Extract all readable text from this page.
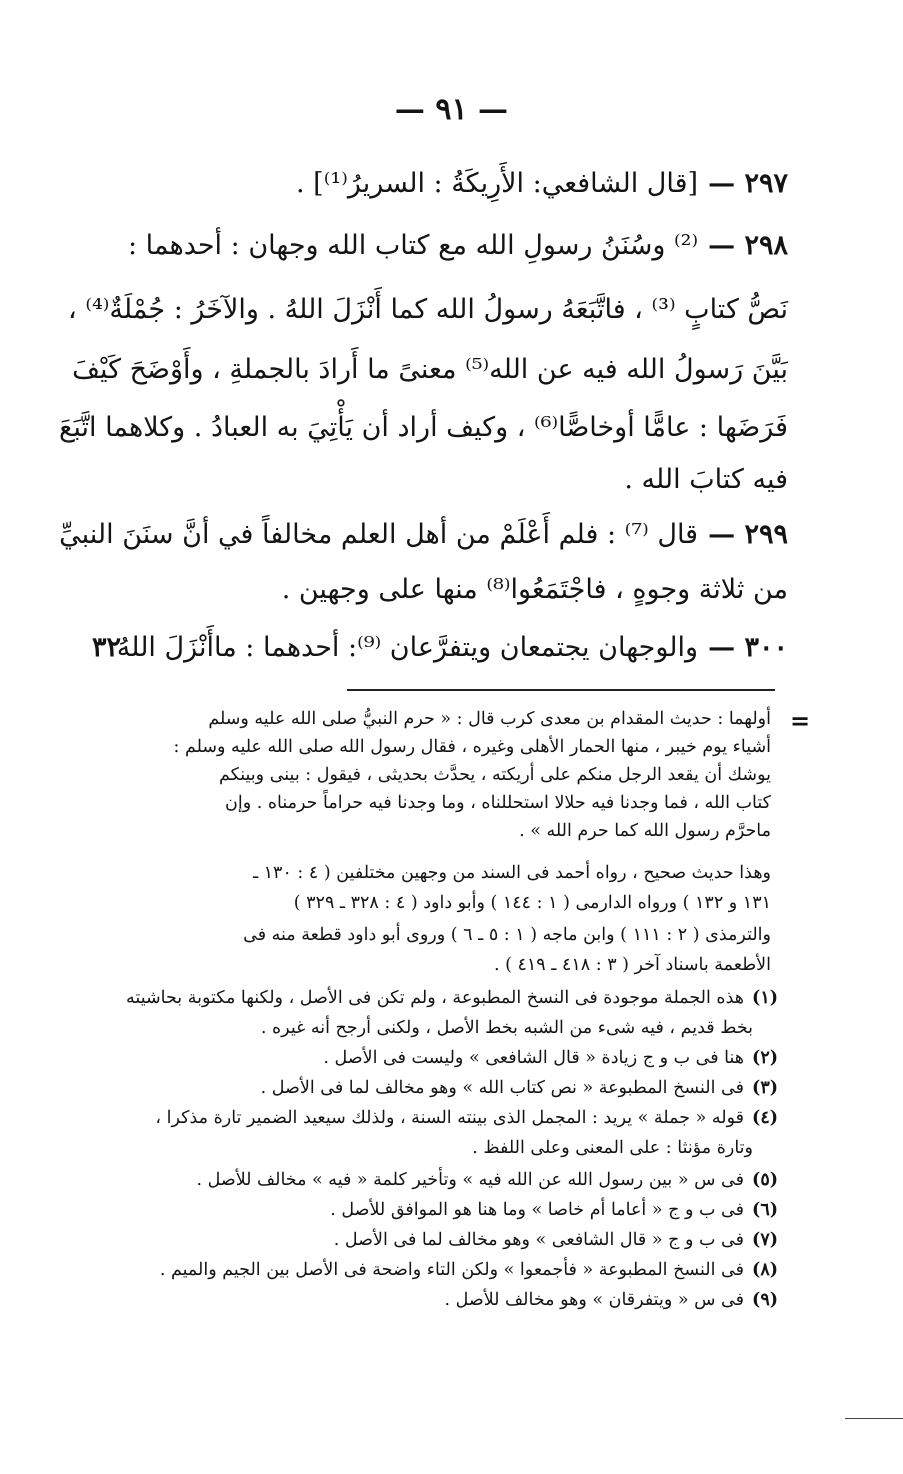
— ٩١ —
٢٩٧ —[قال الشافعي: الأَرِيكَةُ : السريرُ⁽¹⁾] .
٢٩٨ —⁽²⁾ وسُنَنُ رسولِ الله مع كتاب الله وجهان : أحدهما :
نَصُّ كتابٍ ⁽³⁾ ، فاتَّبَعَهُ رسولُ الله كما أَنْزَلَ اللهُ . والآخَرُ : جُمْلَةٌ⁽⁴⁾ ،
بَيَّنَ رَسولُ الله فيه عن الله⁽⁵⁾ معنىً ما أَرادَ بالجملةِ ، وأَوْضَحَ كَيْفَ
فَرَضَها : عامًّا أوخاصًّا⁽⁶⁾ ، وكيف أراد أن يَأْتِيَ به العبادُ . وكلاهما اتَّبَعَ
فيه كتابَ الله .
٢٩٩ —قال ⁽⁷⁾ : فلم أَعْلَمْ من أهل العلم مخالفاً في أنَّ سنَنَ النبيِّ
من ثلاثة وجوهٍ ، فاجْتَمَعُوا⁽⁸⁾ منها على وجهين .
٣٠٠ —والوجهان يجتمعان ويتفرَّعان ⁽⁹⁾: أحدهما : ماأَنْزَلَ اللهُ
٣٢
=
أولهما : حديث المقدام بن معدى كرب قال : « حرم النبيُّ صلى الله عليه وسلم
أشياء يوم خيبر ، منها الحمار الأهلى وغيره ، فقال رسول الله صلى الله عليه وسلم :
يوشك أن يقعد الرجل منكم على أريكته ، يحدَّث بحديثى ، فيقول : بينى وبينكم
كتاب الله ، فما وجدنا فيه حلالا استحللناه ، وما وجدنا فيه حراماً حرمناه . وإن
ماحرَّم رسول الله كما حرم الله » .
وهذا حديث صحيح ، رواه أحمد فى السند من وجهين مختلفين ( ٤ : ١٣٠ ـ
١٣١ و ١٣٢ ) ورواه الدارمى ( ١ : ١٤٤ ) وأبو داود ( ٤ : ٣٢٨ ـ ٣٢٩ )
والترمذى ( ٢ : ١١١ ) وابن ماجه ( ١ : ٥ ـ ٦ ) وروى أبو داود قطعة منه فى
الأطعمة باسناد آخر ( ٣ : ٤١٨ ـ ٤١٩ ) .
(١)هذه الجملة موجودة فى النسخ المطبوعة ، ولم تكن فى الأصل ، ولكنها مكتوبة بحاشيته
بخط قديم ، فيه شىء من الشبه بخط الأصل ، ولكنى أرجح أنه غيره .
(٢)هنا فى ب و ج زيادة « قال الشافعى » وليست فى الأصل .
(٣)فى النسخ المطبوعة « نص كتاب الله » وهو مخالف لما فى الأصل .
(٤)قوله « جملة » يريد : المجمل الذى بينته السنة ، ولذلك سيعيد الضمير تارة مذكرا ،
وتارة مؤنثا : على المعنى وعلى اللفظ .
(٥)فى س « بين رسول الله عن الله فيه » وتأخير كلمة « فيه » مخالف للأصل .
(٦)فى ب و ج « أعاما أم خاصا » وما هنا هو الموافق للأصل .
(٧)فى ب و ج « قال الشافعى » وهو مخالف لما فى الأصل .
(٨)فى النسخ المطبوعة « فأجمعوا » ولكن التاء واضحة فى الأصل بين الجيم والميم .
(٩)فى س « ويتفرقان » وهو مخالف للأصل .
